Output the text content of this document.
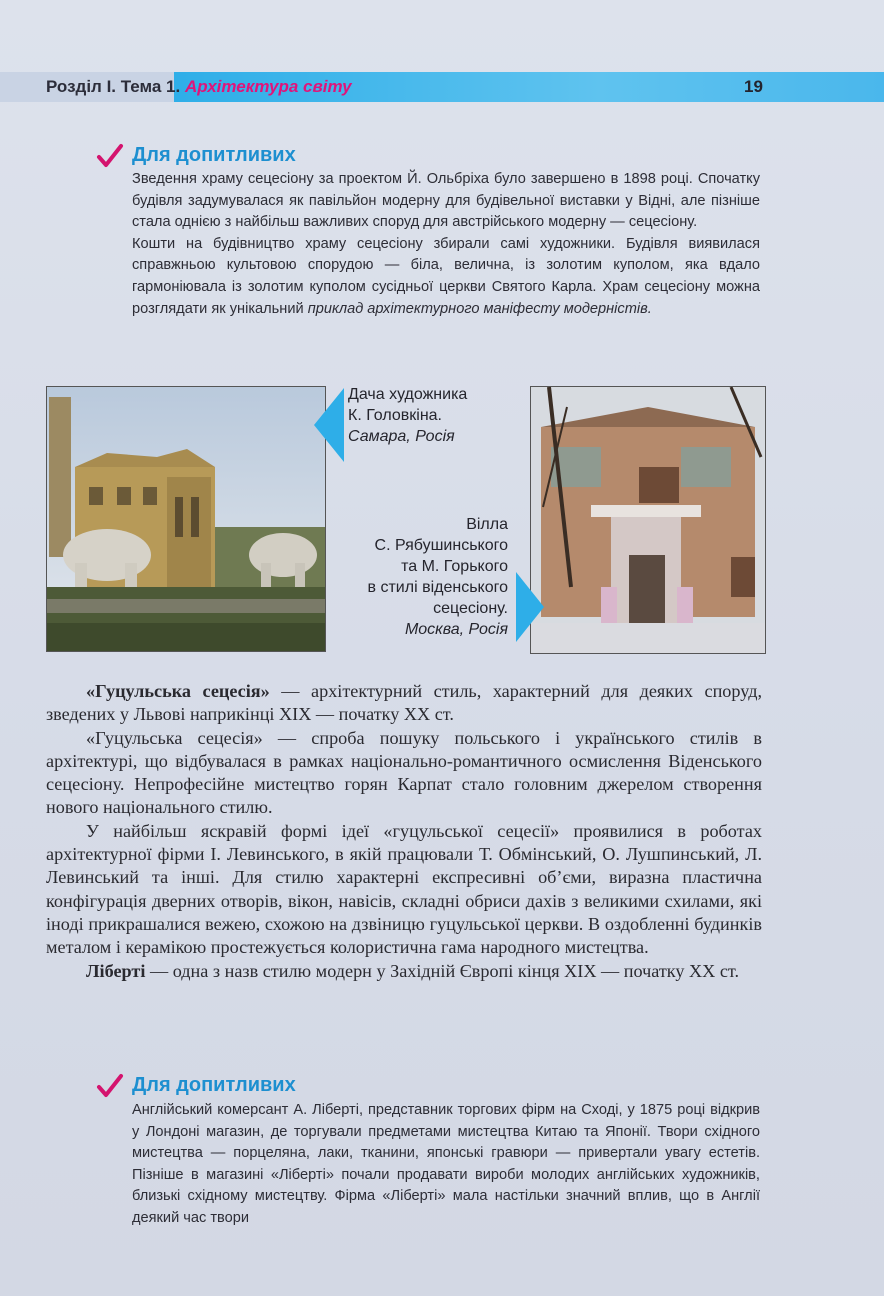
Розділ І. Тема 1. Архітектура світу	19
Для допитливих

Зведення храму сецесіону за проектом Й. Ольбріха було завершено в 1898 році. Спочатку будівля задумувалася як павільйон модерну для будівельної виставки у Відні, але пізніше стала однією з найбільш важливих споруд для австрійського модерну — сецесіону.

Кошти на будівництво храму сецесіону збирали самі художники. Будівля виявилася справжньою культовою спорудою — біла, велична, із золотим куполом, яка вдало гармоніювала із золотим куполом сусідньої церкви Святого Карла. Храм сецесіону можна розглядати як унікальний приклад архітектурного маніфесту модерністів.

Дача художника
К. Головкіна.
Самара, Росія
Вілла
С. Рябушинського
та М. Горького
в стилі віденського
сецесіону.
Москва, Росія

«Гуцульська сецесія» — архітектурний стиль, характерний для деяких споруд, зведених у Львові наприкінці XIX — початку XX ст.

«Гуцульська сецесія» — спроба пошуку польського і українського стилів в архітектурі, що відбувалася в рамках національно-романтичного осмислення Віденського сецесіону. Непрофесійне мистецтво горян Карпат стало головним джерелом створення нового національного стилю.

У найбільш яскравій формі ідеї «гуцульської сецесії» проявилися в роботах архітектурної фірми І. Левинського, в якій працювали Т. Обмінський, О. Лушпинський, Л. Левинський та інші. Для стилю характерні експресивні об’єми, виразна пластична конфігурація дверних отворів, вікон, навісів, складні обриси дахів з великими схилами, які іноді прикрашалися вежею, схожою на дзвіницю гуцульської церкви. В оздобленні будинків металом і керамікою простежується колористична гама народного мистецтва.

Ліберті — одна з назв стилю модерн у Західній Європі кінця XIX — початку XX ст.

Для допитливих

Англійський комерсант А. Ліберті, представник торгових фірм на Сході, у 1875 році відкрив у Лондоні магазин, де торгували предметами мистецтва Китаю та Японії. Твори східного мистецтва — порцеляна, лаки, тканини, японські гравюри — привертали увагу естетів. Пізніше в магазині «Ліберті» почали продавати вироби молодих англійських художників, близькі східному мистецтву. Фірма «Ліберті» мала настільки значний вплив, що в Англії деякий час твори
